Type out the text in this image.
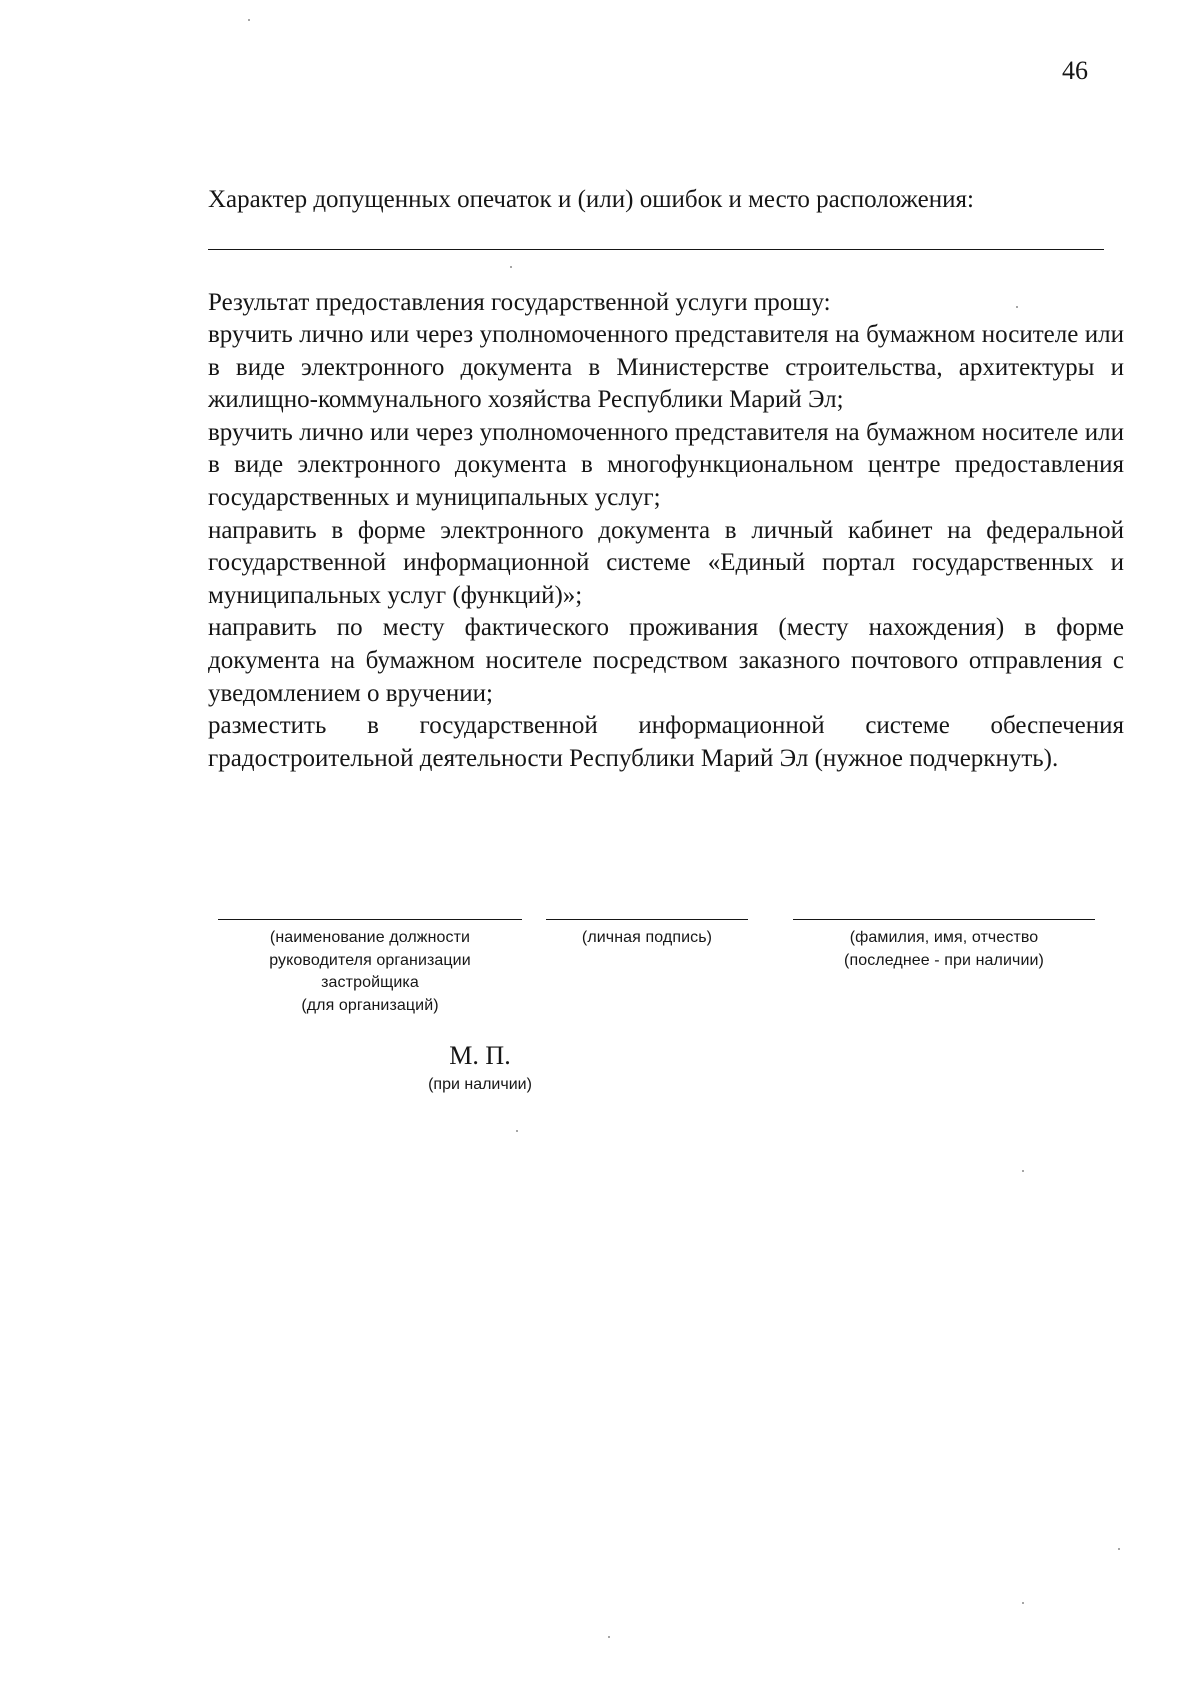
46
Характер допущенных опечаток и (или) ошибок и место расположения:
Результат предоставления государственной услуги прошу:
вручить лично или через уполномоченного представителя на бумажном носителе или в виде электронного документа в Министерстве строительства, архитектуры и жилищно-коммунального хозяйства Республики Марий Эл;
вручить лично или через уполномоченного представителя на бумажном носителе или в виде электронного документа в многофункциональном центре предоставления государственных и муниципальных услуг;
направить в форме электронного документа в личный кабинет на федеральной государственной информационной системе «Единый портал государственных и муниципальных услуг (функций)»;
направить по месту фактического проживания (месту нахождения) в форме документа на бумажном носителе посредством заказного почтового отправления с уведомлением о вручении;
разместить в государственной информационной системе обеспечения градостроительной деятельности Республики Марий Эл (нужное подчеркнуть).
(наименование должности
руководителя организации
застройщика
(для организаций)
(личная подпись)	(фамилия, имя, отчество
(последнее - при наличии)
М. П.
(при наличии)
